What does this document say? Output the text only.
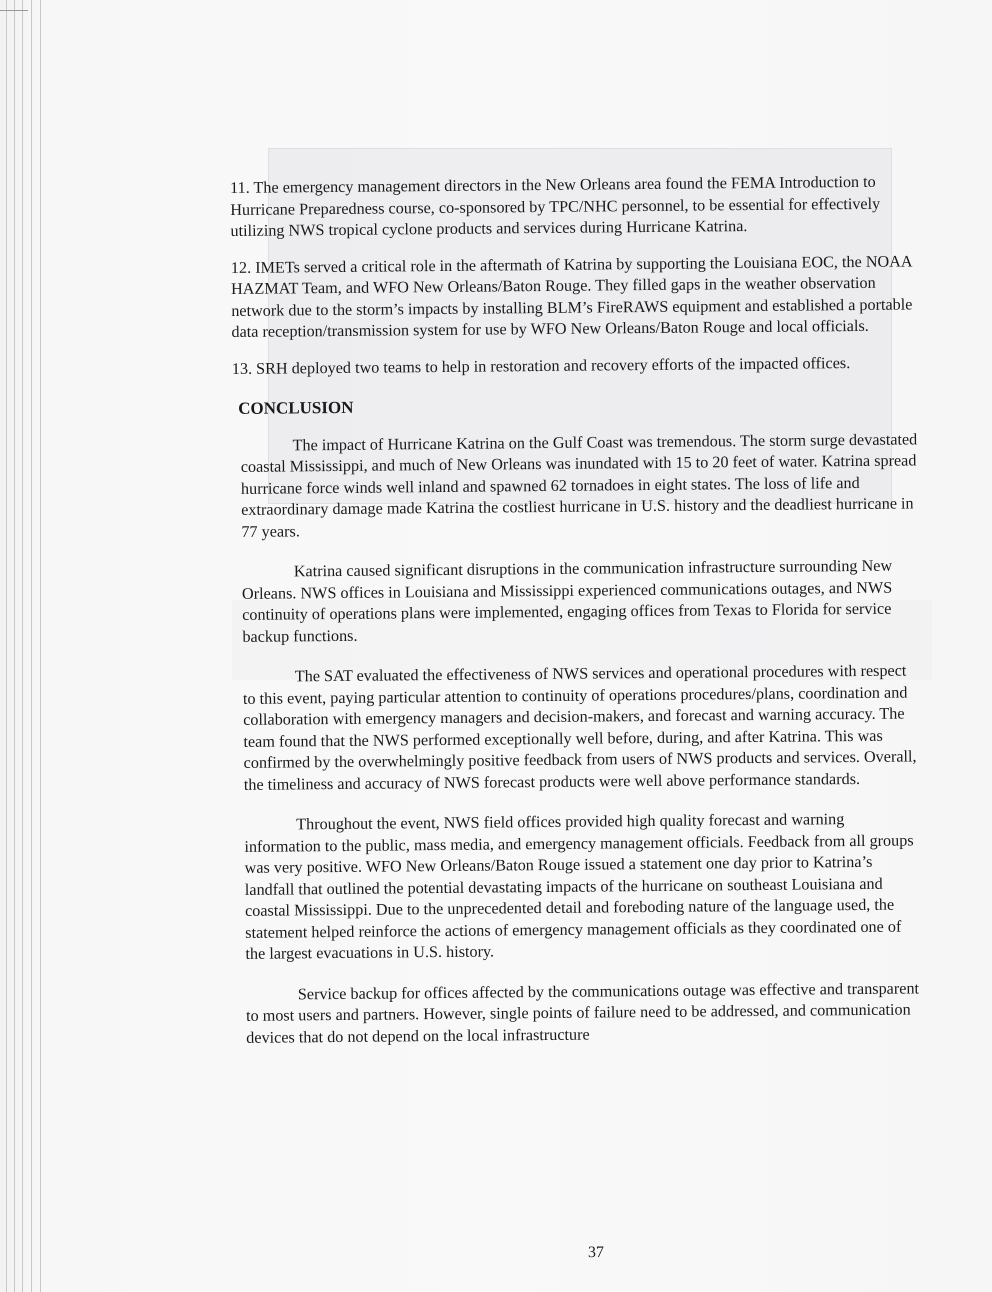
11. The emergency management directors in the New Orleans area found the FEMA Introduction to Hurricane Preparedness course, co-sponsored by TPC/NHC personnel, to be essential for effectively utilizing NWS tropical cyclone products and services during Hurricane Katrina.

12. IMETs served a critical role in the aftermath of Katrina by supporting the Louisiana EOC, the NOAA HAZMAT Team, and WFO New Orleans/Baton Rouge. They filled gaps in the weather observation network due to the storm’s impacts by installing BLM’s FireRAWS equipment and established a portable data reception/transmission system for use by WFO New Orleans/Baton Rouge and local officials.

13. SRH deployed two teams to help in restoration and recovery efforts of the impacted offices.

CONCLUSION

The impact of Hurricane Katrina on the Gulf Coast was tremendous. The storm surge devastated coastal Mississippi, and much of New Orleans was inundated with 15 to 20 feet of water. Katrina spread hurricane force winds well inland and spawned 62 tornadoes in eight states. The loss of life and extraordinary damage made Katrina the costliest hurricane in U.S. history and the deadliest hurricane in 77 years.

Katrina caused significant disruptions in the communication infrastructure surrounding New Orleans. NWS offices in Louisiana and Mississippi experienced communications outages, and NWS continuity of operations plans were implemented, engaging offices from Texas to Florida for service backup functions.

The SAT evaluated the effectiveness of NWS services and operational procedures with respect to this event, paying particular attention to continuity of operations procedures/plans, coordination and collaboration with emergency managers and decision-makers, and forecast and warning accuracy. The team found that the NWS performed exceptionally well before, during, and after Katrina. This was confirmed by the overwhelmingly positive feedback from users of NWS products and services. Overall, the timeliness and accuracy of NWS forecast products were well above performance standards.

Throughout the event, NWS field offices provided high quality forecast and warning information to the public, mass media, and emergency management officials. Feedback from all groups was very positive. WFO New Orleans/Baton Rouge issued a statement one day prior to Katrina’s landfall that outlined the potential devastating impacts of the hurricane on southeast Louisiana and coastal Mississippi. Due to the unprecedented detail and foreboding nature of the language used, the statement helped reinforce the actions of emergency management officials as they coordinated one of the largest evacuations in U.S. history.

Service backup for offices affected by the communications outage was effective and transparent to most users and partners. However, single points of failure need to be addressed, and communication devices that do not depend on the local infrastructure

37
